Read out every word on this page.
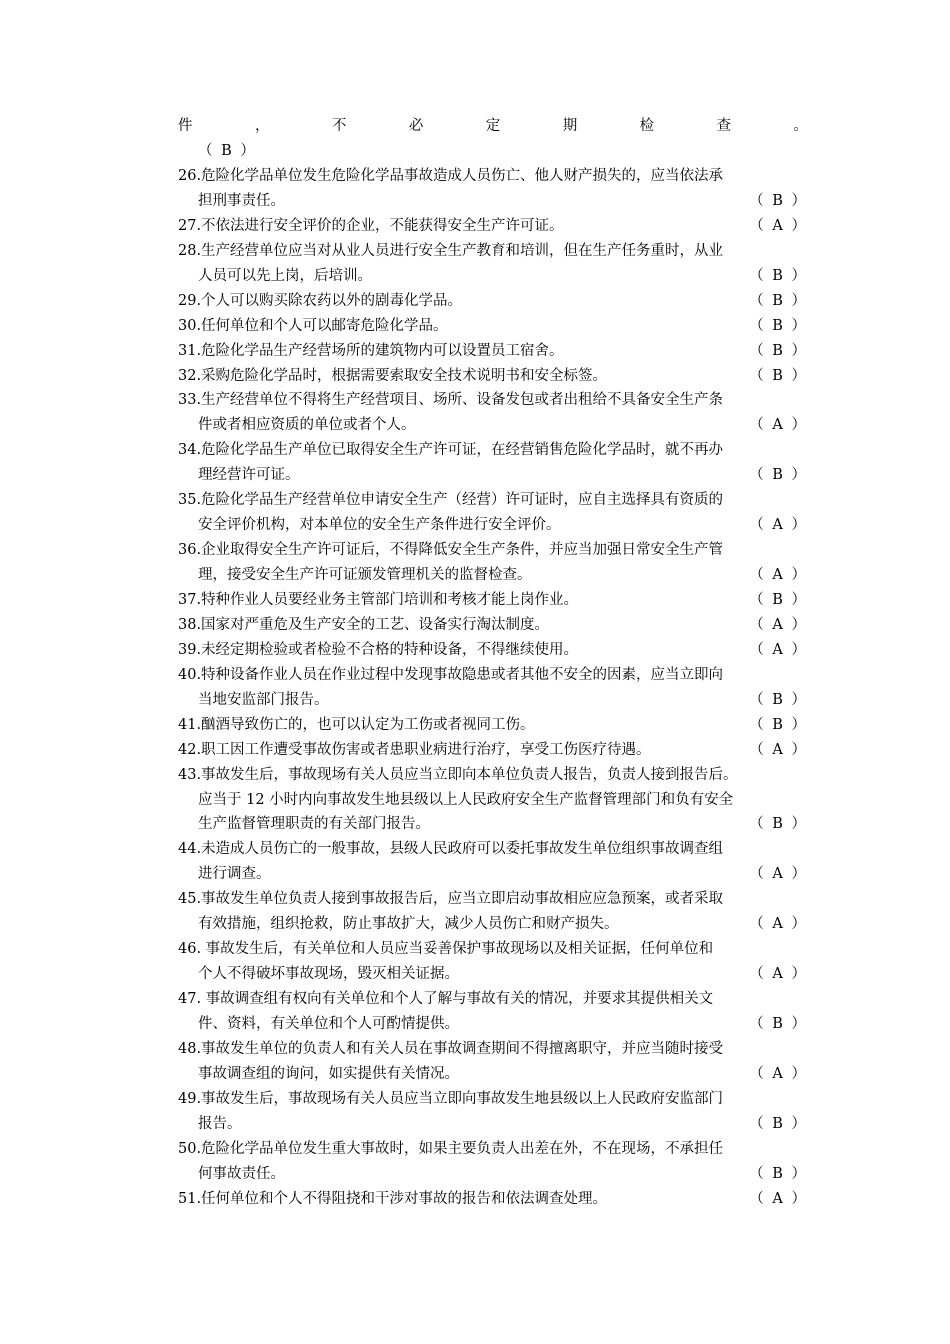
件	，	不	必	定	期	检	查	。
（ B ）
26.危险化学品单位发生危险化学品事故造成人员伤亡、他人财产损失的，应当依法承
担刑事责任。	（ B ）
27.不依法进行安全评价的企业，不能获得安全生产许可证。	（ A ）
28.生产经营单位应当对从业人员进行安全生产教育和培训，但在生产任务重时，从业
人员可以先上岗，后培训。	（ B ）
29.个人可以购买除农药以外的剧毒化学品。	（ B ）
30.任何单位和个人可以邮寄危险化学品。	（ B ）
31.危险化学品生产经营场所的建筑物内可以设置员工宿舍。	（ B ）
32.采购危险化学品时，根据需要索取安全技术说明书和安全标签。	（ B ）
33.生产经营单位不得将生产经营项目、场所、设备发包或者出租给不具备安全生产条
件或者相应资质的单位或者个人。	（ A ）
34.危险化学品生产单位已取得安全生产许可证，在经营销售危险化学品时，就不再办
理经营许可证。	（ B ）
35.危险化学品生产经营单位申请安全生产（经营）许可证时，应自主选择具有资质的
安全评价机构，对本单位的安全生产条件进行安全评价。	（ A ）
36.企业取得安全生产许可证后，不得降低安全生产条件，并应当加强日常安全生产管
理，接受安全生产许可证颁发管理机关的监督检查。	（ A ）
37.特种作业人员要经业务主管部门培训和考核才能上岗作业。	（ B ）
38.国家对严重危及生产安全的工艺、设备实行淘汰制度。	（ A ）
39.未经定期检验或者检验不合格的特种设备，不得继续使用。	（ A ）
40.特种设备作业人员在作业过程中发现事故隐患或者其他不安全的因素，应当立即向
当地安监部门报告。	（ B ）
41.酗酒导致伤亡的，也可以认定为工伤或者视同工伤。	（ B ）
42.职工因工作遭受事故伤害或者患职业病进行治疗，享受工伤医疗待遇。	（ A ）
43.事故发生后，事故现场有关人员应当立即向本单位负责人报告，负责人接到报告后。
应当于 12 小时内向事故发生地县级以上人民政府安全生产监督管理部门和负有安全
生产监督管理职责的有关部门报告。	（ B ）
44.未造成人员伤亡的一般事故，县级人民政府可以委托事故发生单位组织事故调查组
进行调查。	（ A ）
45.事故发生单位负责人接到事故报告后，应当立即启动事故相应应急预案，或者采取
有效措施，组织抢救，防止事故扩大，减少人员伤亡和财产损失。	（ A ）
46. 事故发生后，有关单位和人员应当妥善保护事故现场以及相关证据，任何单位和
个人不得破坏事故现场，毁灭相关证据。	（ A ）
47. 事故调查组有权向有关单位和个人了解与事故有关的情况，并要求其提供相关文
件、资料，有关单位和个人可酌情提供。	（ B ）
48.事故发生单位的负责人和有关人员在事故调查期间不得擅离职守，并应当随时接受
事故调查组的询问，如实提供有关情况。	（ A ）
49.事故发生后，事故现场有关人员应当立即向事故发生地县级以上人民政府安监部门
报告。	（ B ）
50.危险化学品单位发生重大事故时，如果主要负责人出差在外，不在现场，不承担任
何事故责任。	（ B ）
51.任何单位和个人不得阻挠和干涉对事故的报告和依法调查处理。	（ A ）
